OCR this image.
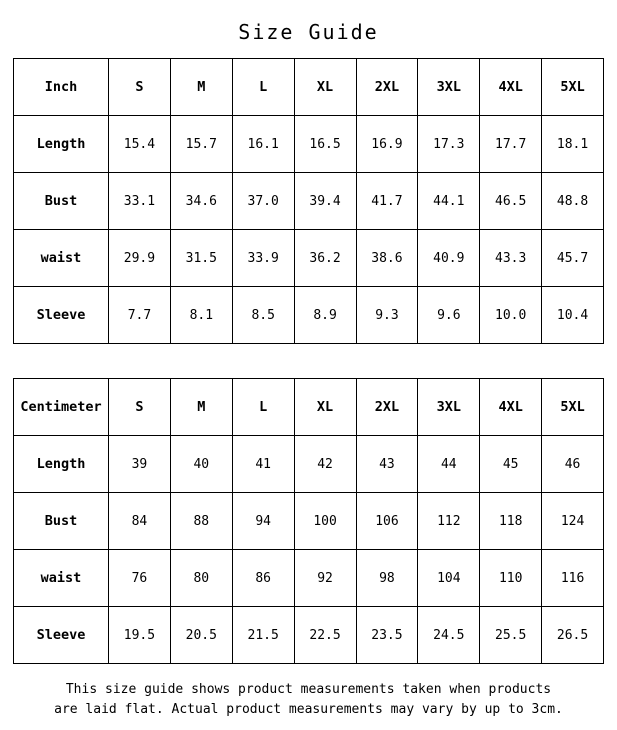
Size Guide
Inch	S	M	L	XL	2XL	3XL	4XL	5XL
Length	15.4	15.7	16.1	16.5	16.9	17.3	17.7	18.1
Bust	33.1	34.6	37.0	39.4	41.7	44.1	46.5	48.8
waist	29.9	31.5	33.9	36.2	38.6	40.9	43.3	45.7
Sleeve	7.7	8.1	8.5	8.9	9.3	9.6	10.0	10.4
Centimeter	S	M	L	XL	2XL	3XL	4XL	5XL
Length	39	40	41	42	43	44	45	46
Bust	84	88	94	100	106	112	118	124
waist	76	80	86	92	98	104	110	116
Sleeve	19.5	20.5	21.5	22.5	23.5	24.5	25.5	26.5
This size guide shows product measurements taken when products
are laid flat. Actual product measurements may vary by up to 3cm.
